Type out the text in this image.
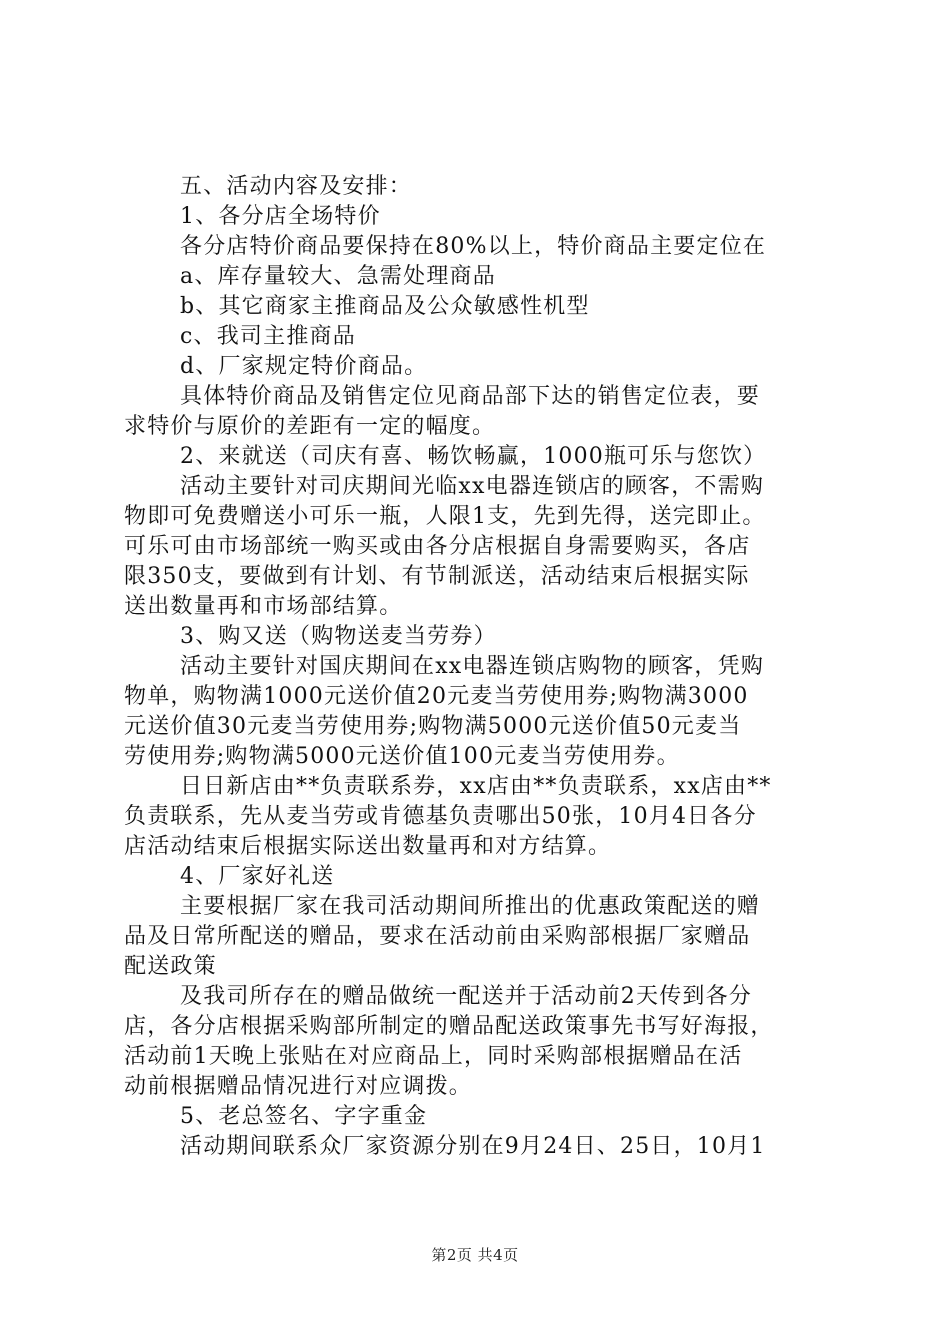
五、活动内容及安排：
1、各分店全场特价
各分店特价商品要保持在80%以上，特价商品主要定位在
a、库存量较大、急需处理商品
b、其它商家主推商品及公众敏感性机型
c、我司主推商品
d、厂家规定特价商品。
具体特价商品及销售定位见商品部下达的销售定位表，要
求特价与原价的差距有一定的幅度。
2、来就送（司庆有喜、畅饮畅赢，1000瓶可乐与您饮）
活动主要针对司庆期间光临xx电器连锁店的顾客，不需购
物即可免费赠送小可乐一瓶，人限1支，先到先得，送完即止。
可乐可由市场部统一购买或由各分店根据自身需要购买，各店
限350支，要做到有计划、有节制派送，活动结束后根据实际
送出数量再和市场部结算。
3、购又送（购物送麦当劳券）
活动主要针对国庆期间在xx电器连锁店购物的顾客，凭购
物单，购物满1000元送价值20元麦当劳使用券;购物满3000
元送价值30元麦当劳使用券;购物满5000元送价值50元麦当
劳使用券;购物满5000元送价值100元麦当劳使用券。
日日新店由**负责联系券，xx店由**负责联系，xx店由**
负责联系，先从麦当劳或肯德基负责哪出50张，10月4日各分
店活动结束后根据实际送出数量再和对方结算。
4、厂家好礼送
主要根据厂家在我司活动期间所推出的优惠政策配送的赠
品及日常所配送的赠品，要求在活动前由采购部根据厂家赠品
配送政策
及我司所存在的赠品做统一配送并于活动前2天传到各分
店，各分店根据采购部所制定的赠品配送政策事先书写好海报，
活动前1天晚上张贴在对应商品上，同时采购部根据赠品在活
动前根据赠品情况进行对应调拨。
5、老总签名、字字重金
活动期间联系众厂家资源分别在9月24日、25日，10月1
第2页 共4页
